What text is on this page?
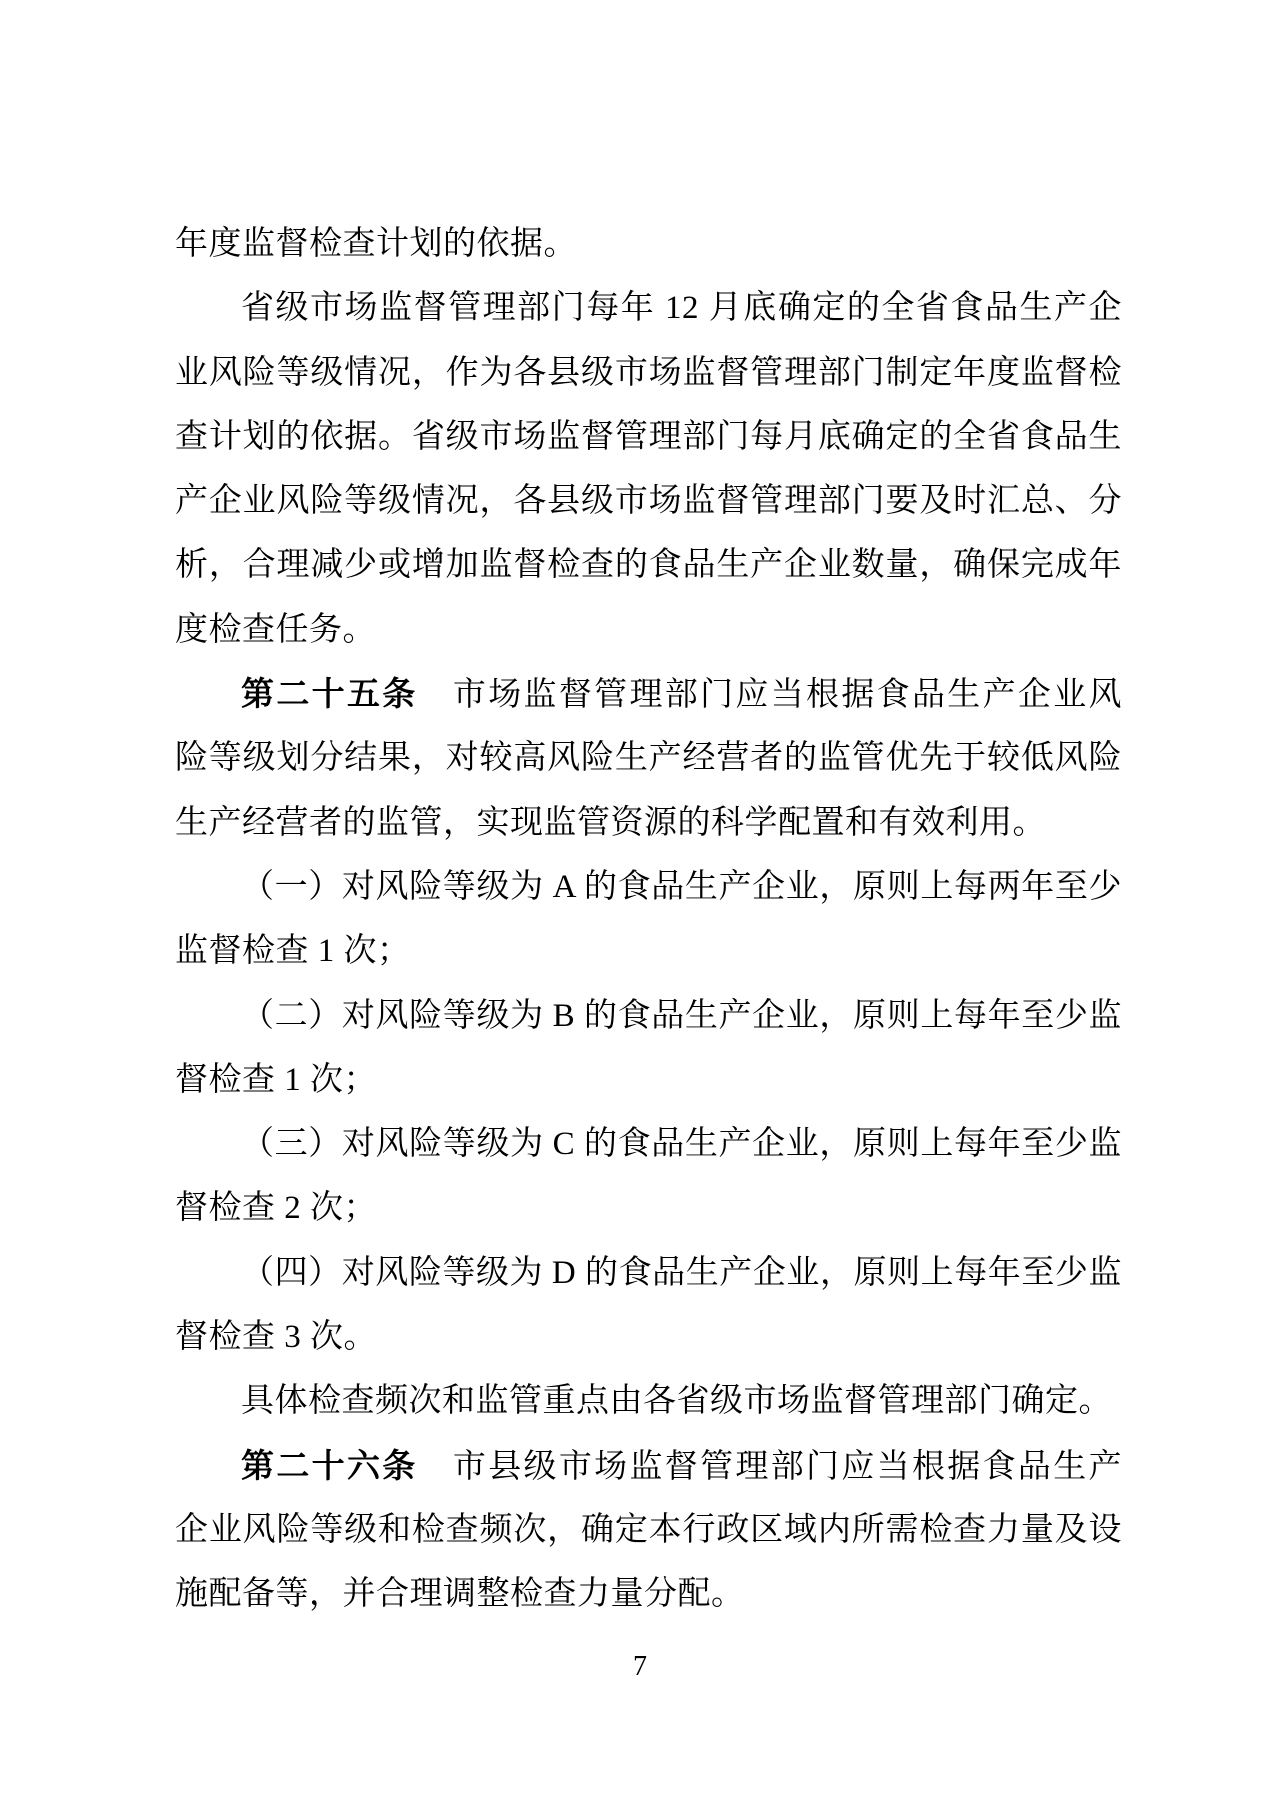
年度监督检查计划的依据。
省级市场监督管理部门每年 12 月底确定的全省食品生产企
业风险等级情况，作为各县级市场监督管理部门制定年度监督检
查计划的依据。省级市场监督管理部门每月底确定的全省食品生
产企业风险等级情况，各县级市场监督管理部门要及时汇总、分
析，合理减少或增加监督检查的食品生产企业数量，确保完成年
度检查任务。
第二十五条　市场监督管理部门应当根据食品生产企业风
险等级划分结果，对较高风险生产经营者的监管优先于较低风险
生产经营者的监管，实现监管资源的科学配置和有效利用。
（一）对风险等级为 A 的食品生产企业，原则上每两年至少
监督检查 1 次；
（二）对风险等级为 B 的食品生产企业，原则上每年至少监
督检查 1 次；
（三）对风险等级为 C 的食品生产企业，原则上每年至少监
督检查 2 次；
（四）对风险等级为 D 的食品生产企业，原则上每年至少监
督检查 3 次。
具体检查频次和监管重点由各省级市场监督管理部门确定。
第二十六条　市县级市场监督管理部门应当根据食品生产
企业风险等级和检查频次，确定本行政区域内所需检查力量及设
施配备等，并合理调整检查力量分配。
7
